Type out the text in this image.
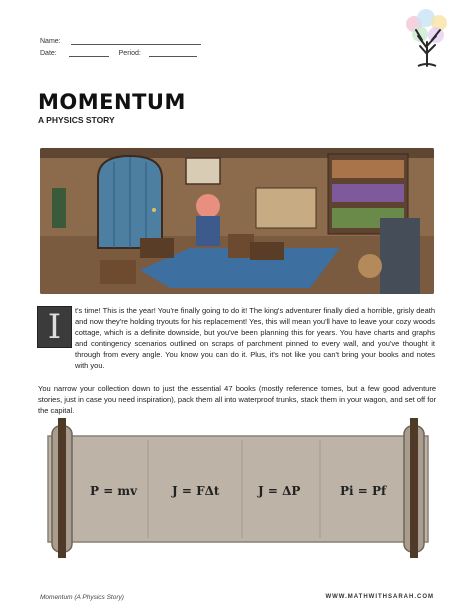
Name:
Date:	Period:
MOMENTUM
A PHYSICS STORY
I	t's time! This is the year! You're finally going to do it! The king's adventurer finally died a horrible, grisly death and now they're holding tryouts for his replacement! Yes, this will mean you'll have to leave your cozy woods cottage, which is a definite downside, but you've been planning this for years. You have charts and graphs and contingency scenarios outlined on scraps of parchment pinned to every wall, and you've thought it through from every angle. You know you can do it. Plus, it's not like you can't bring your books and notes with you.
You narrow your collection down to just the essential 47 books (mostly reference tomes, but a few good adventure stories, just in case you need inspiration), pack them all into waterproof trunks, stack them in your wagon, and set off for the capital.
P = mv	J = FΔt	J = ΔP	Pi = Pf
Momentum (A Physics Story)	WWW.MATHWITHSARAH.COM
